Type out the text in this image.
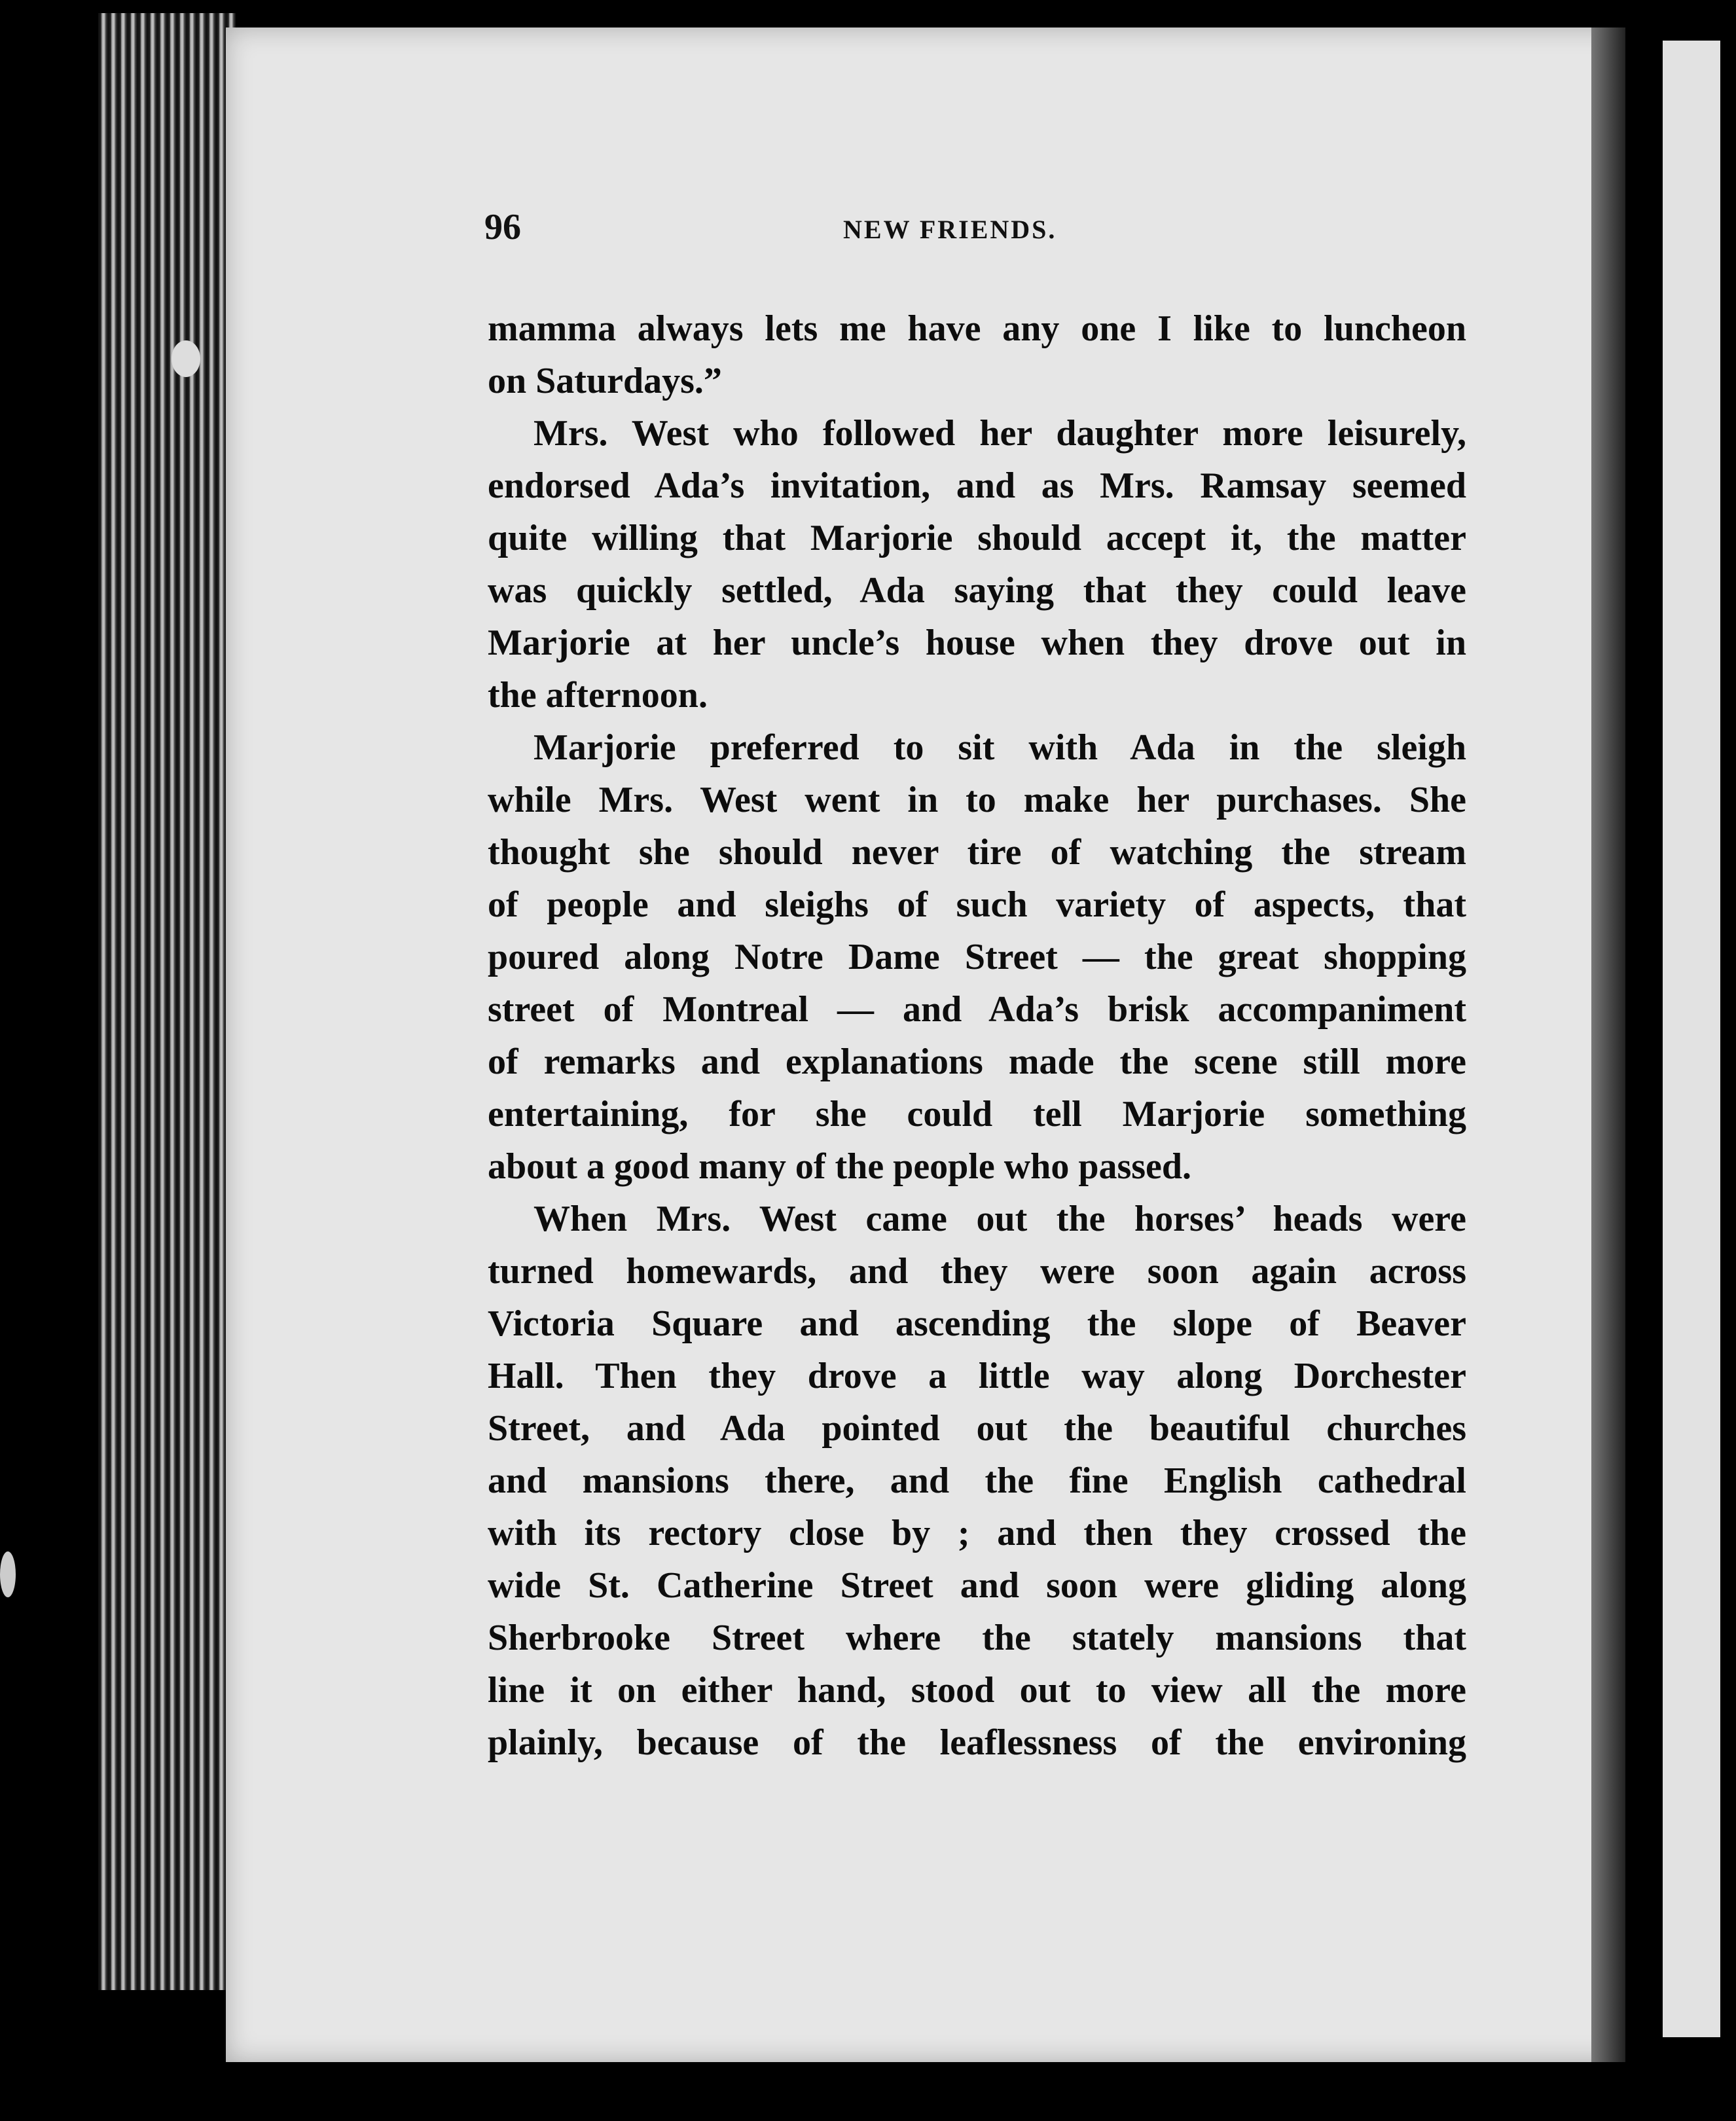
96	NEW FRIENDS.
mamma always lets me have any one I like to luncheon
on Saturdays.”
Mrs. West who followed her daughter more leisurely,
endorsed Ada’s invitation, and as Mrs. Ramsay seemed
quite willing that Marjorie should accept it, the matter
was quickly settled, Ada saying that they could leave
Marjorie at her uncle’s house when they drove out in
the afternoon.
Marjorie preferred to sit with Ada in the sleigh
while Mrs. West went in to make her purchases. She
thought she should never tire of watching the stream
of people and sleighs of such variety of aspects, that
poured along Notre Dame Street — the great shopping
street of Montreal — and Ada’s brisk accompaniment
of remarks and explanations made the scene still more
entertaining, for she could tell Marjorie something
about a good many of the people who passed.
When Mrs. West came out the horses’ heads were
turned homewards, and they were soon again across
Victoria Square and ascending the slope of Beaver
Hall. Then they drove a little way along Dorchester
Street, and Ada pointed out the beautiful churches
and mansions there, and the fine English cathedral
with its rectory close by ; and then they crossed the
wide St. Catherine Street and soon were gliding along
Sherbrooke Street where the stately mansions that
line it on either hand, stood out to view all the more
plainly, because of the leaflessness of the environing
